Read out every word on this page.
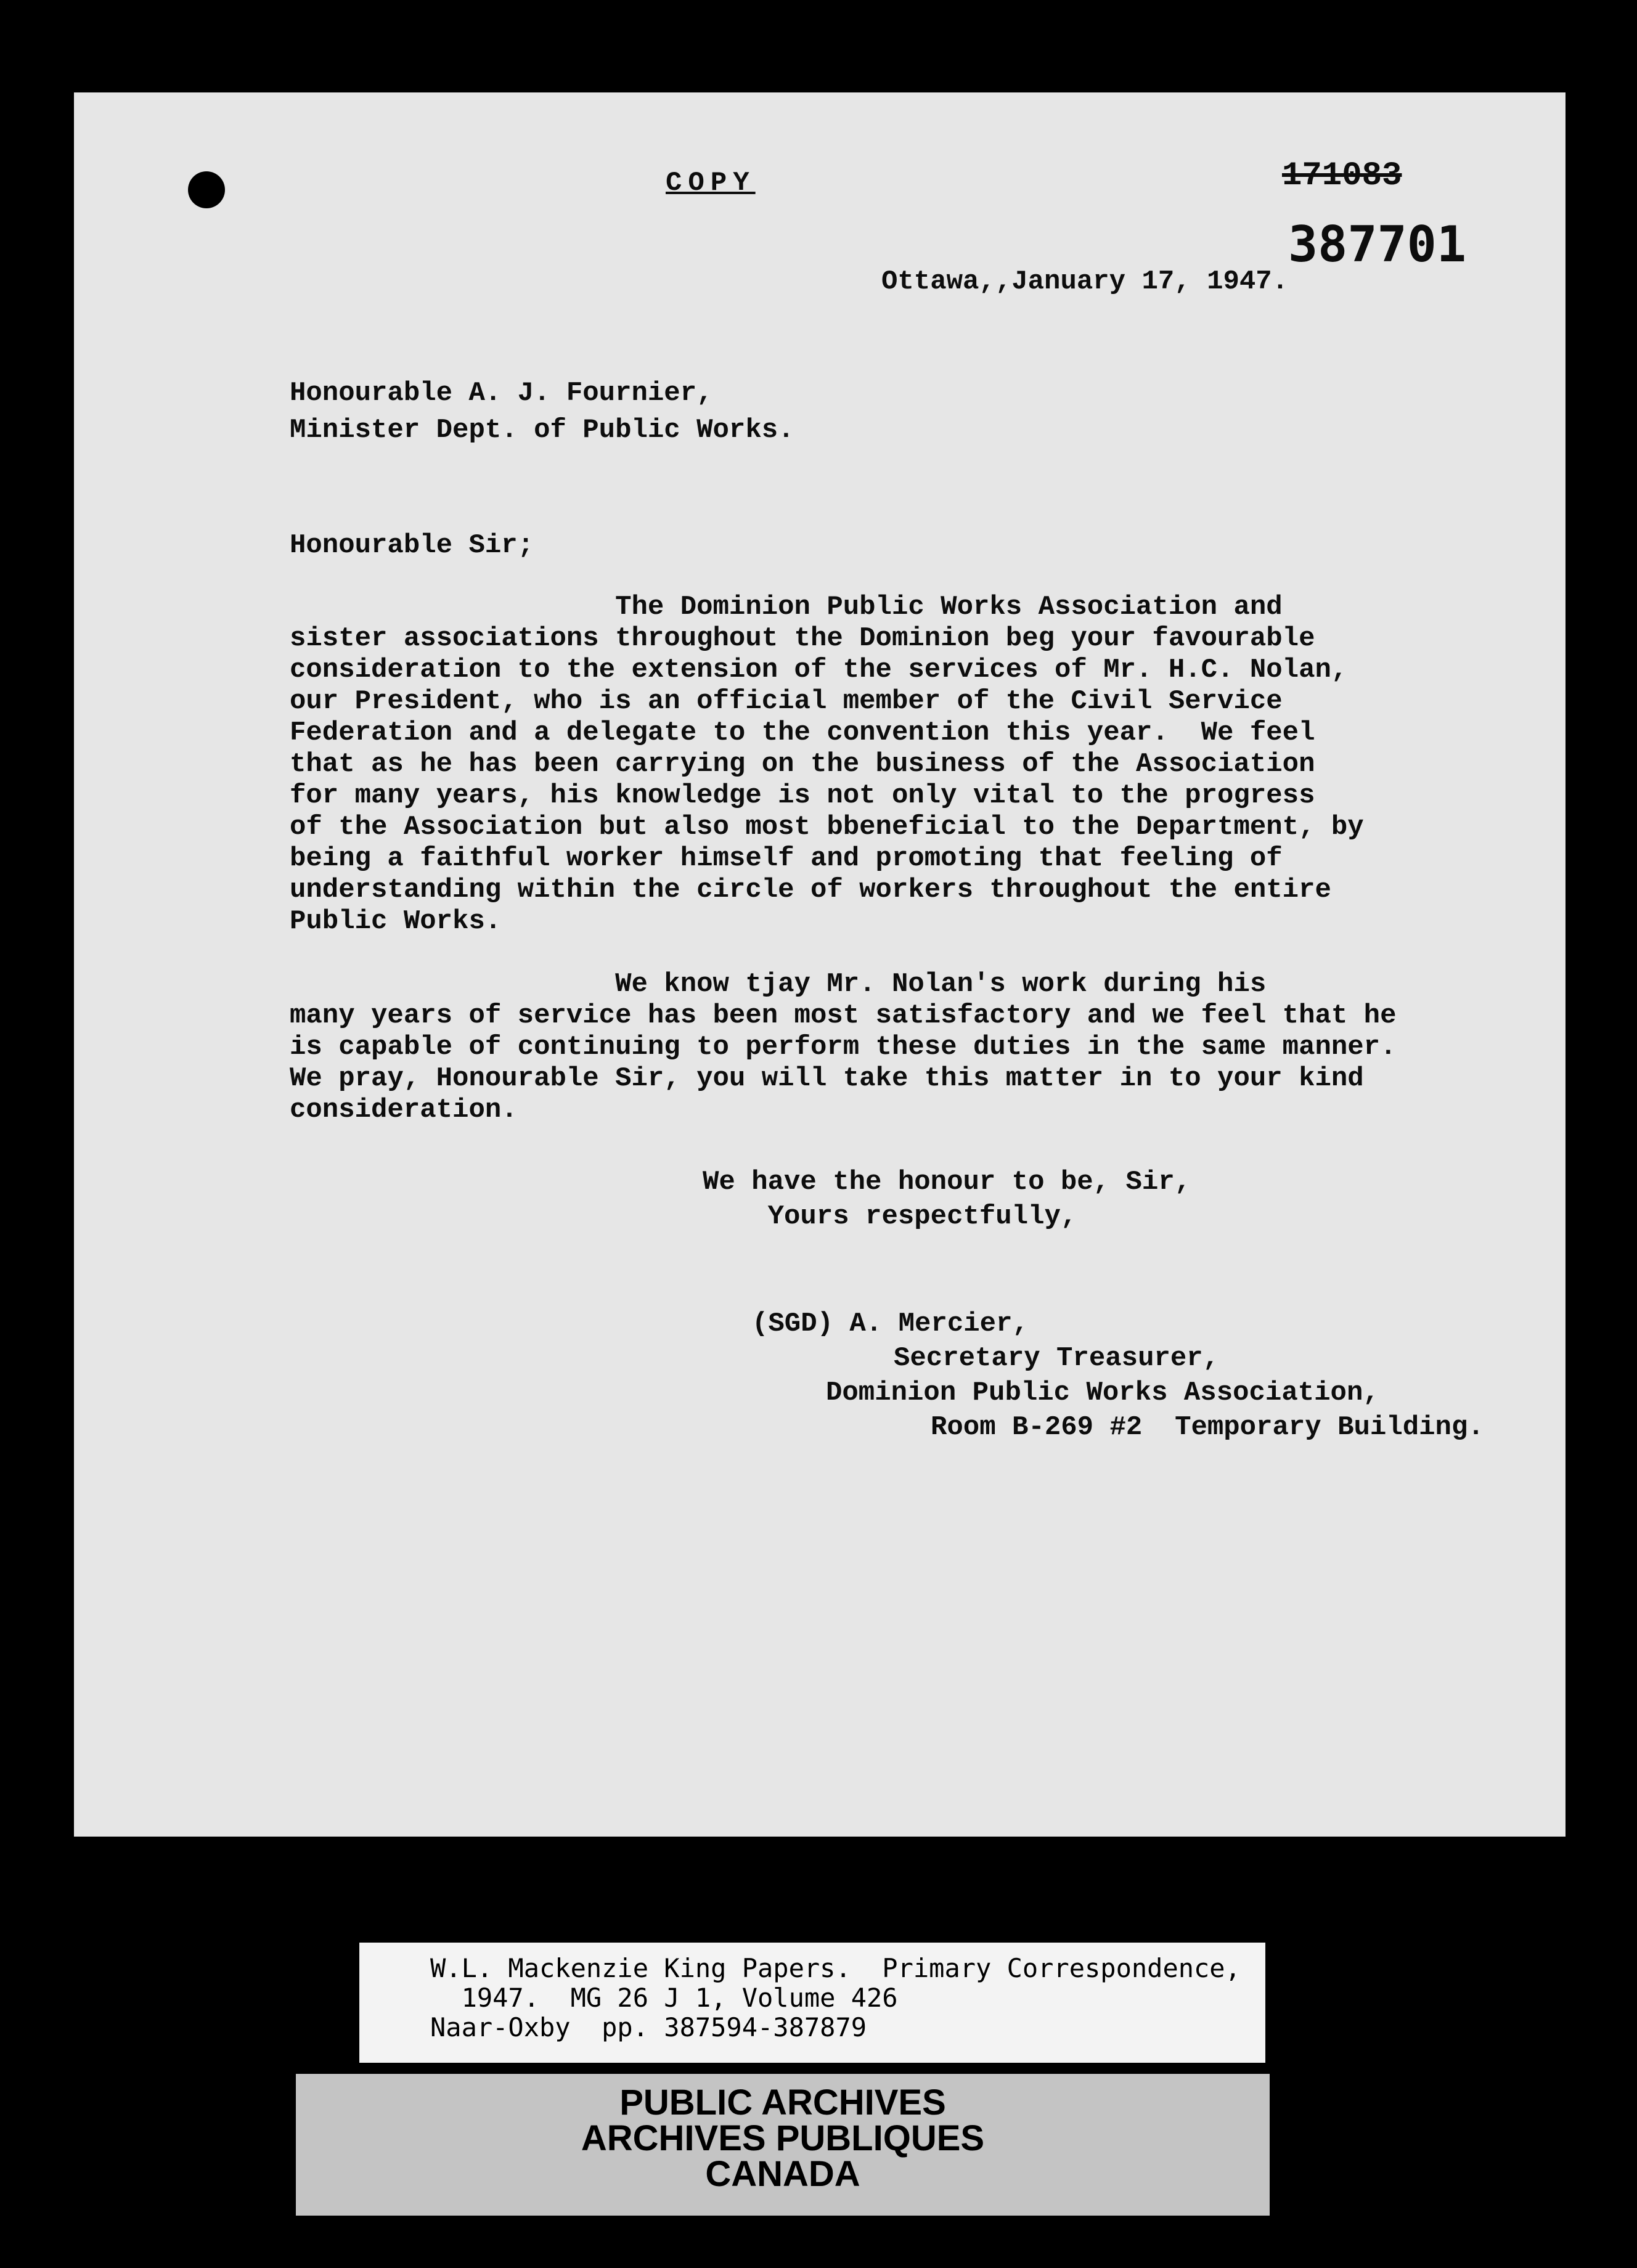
COPY	171083
387701
Ottawa,,January 17, 1947.
Honourable A. J. Fournier,
Minister Dept. of Public Works.
Honourable Sir;
The Dominion Public Works Association and
sister associations throughout the Dominion beg your favourable
consideration to the extension of the services of Mr. H.C. Nolan,
our President, who is an official member of the Civil Service
Federation and a delegate to the convention this year.  We feel
that as he has been carrying on the business of the Association
for many years, his knowledge is not only vital to the progress
of the Association but also most bbeneficial to the Department, by
being a faithful worker himself and promoting that feeling of
understanding within the circle of workers throughout the entire
Public Works.

We know tjay Mr. Nolan's work during his
many years of service has been most satisfactory and we feel that he
is capable of continuing to perform these duties in the same manner.
We pray, Honourable Sir, you will take this matter in to your kind
consideration.
We have the honour to be, Sir,
Yours respectfully,
(SGD) A. Mercier,
Secretary Treasurer,
Dominion Public Works Association,
Room B-269 #2  Temporary Building.
W.L. Mackenzie King Papers.  Primary Correspondence,
1947.  MG 26 J 1, Volume 426
Naar-Oxby  pp. 387594-387879
PUBLIC ARCHIVES
ARCHIVES PUBLIQUES
CANADA
